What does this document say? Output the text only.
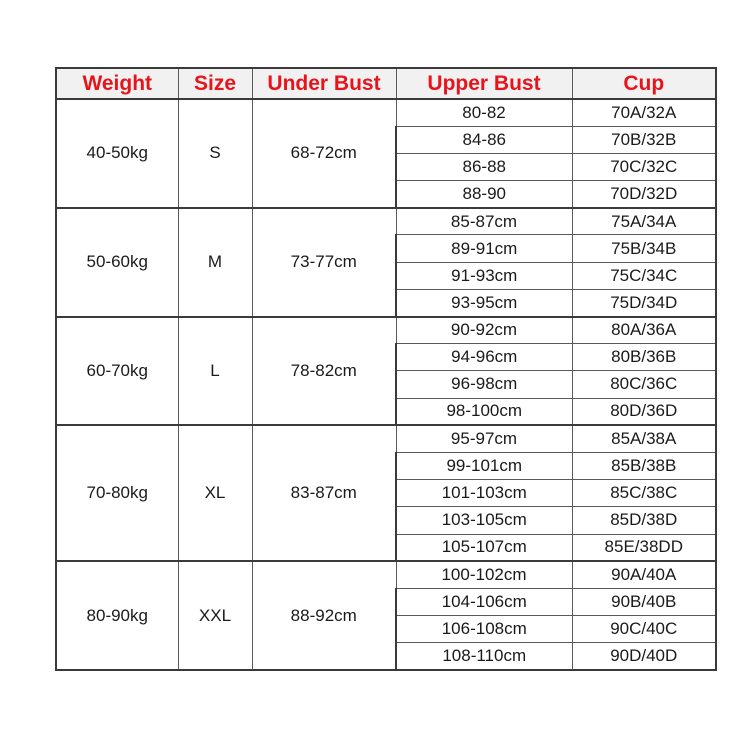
Weight	Size	Under Bust	Upper Bust	Cup
40-50kg	S	68-72cm	80-82	70A/32A
			84-86	70B/32B
			86-88	70C/32C
			88-90	70D/32D
50-60kg	M	73-77cm	85-87cm	75A/34A
			89-91cm	75B/34B
			91-93cm	75C/34C
			93-95cm	75D/34D
60-70kg	L	78-82cm	90-92cm	80A/36A
			94-96cm	80B/36B
			96-98cm	80C/36C
			98-100cm	80D/36D
70-80kg	XL	83-87cm	95-97cm	85A/38A
			99-101cm	85B/38B
			101-103cm	85C/38C
			103-105cm	85D/38D
			105-107cm	85E/38DD
80-90kg	XXL	88-92cm	100-102cm	90A/40A
			104-106cm	90B/40B
			106-108cm	90C/40C
			108-110cm	90D/40D
